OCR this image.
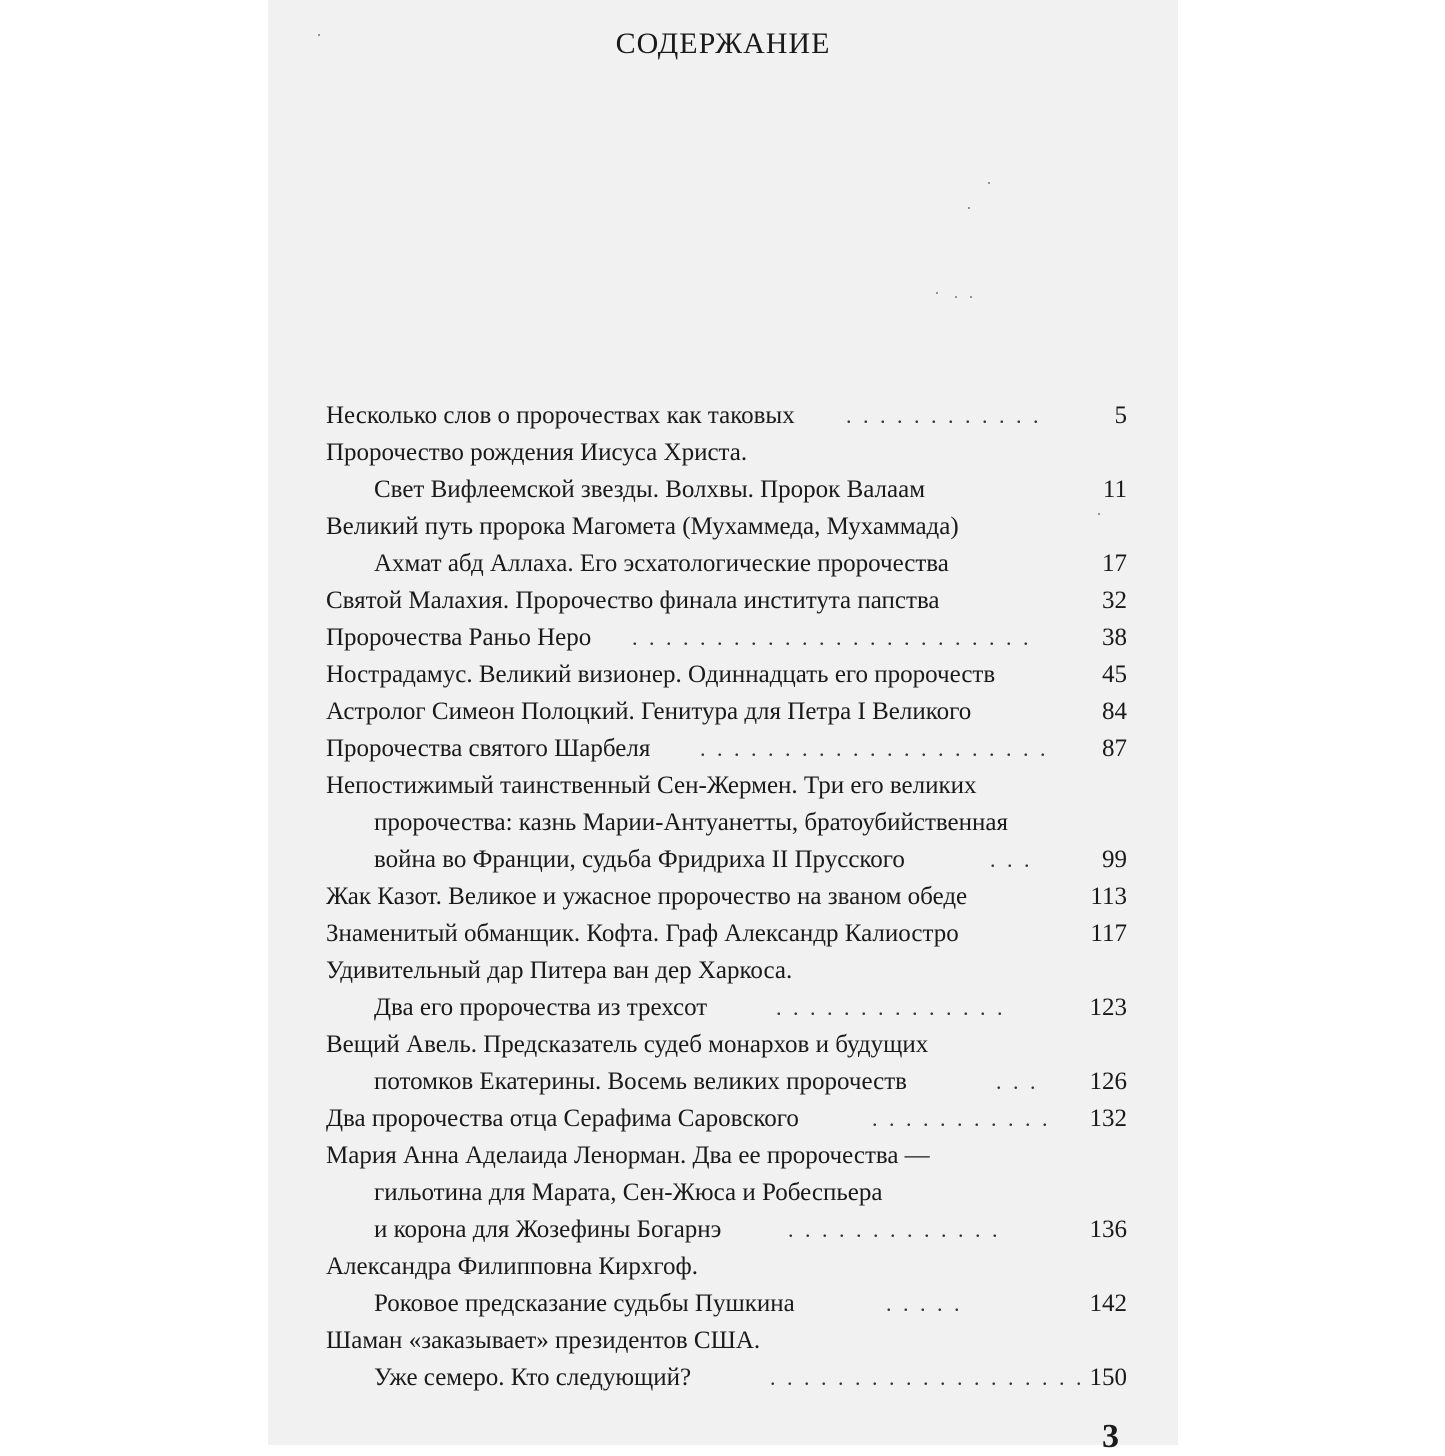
СОДЕРЖАНИЕ
Несколько слов о пророчествах как таковых . . . . . . . . . . . .	5
Пророчество рождения Иисуса Христа.
Свет Вифлеемской звезды. Волхвы. Пророк Валаам	11
Великий путь пророка Магомета (Мухаммеда, Мухаммада)
Ахмат абд Аллаха. Его эсхатологические пророчества	17
Святой Малахия. Пророчество финала института папства	32
Пророчества Раньо Неро . . . . . . . . . . . . . . . . . . . . . . . .	38
Нострадамус. Великий визионер. Одиннадцать его пророчеств	45
Астролог Симеон Полоцкий. Генитура для Петра I Великого	84
Пророчества святого Шарбеля . . . . . . . . . . . . . . . . . . . . . 87
Непостижимый таинственный Сен-Жермен. Три его великих
пророчества: казнь Марии-Антуанетты, братоубийственная
война во Франции, судьба Фридриха II Прусского	. . .	99
Жак Казот. Великое и ужасное пророчество на званом обеде	113
Знаменитый обманщик. Кофта. Граф Александр Калиостро	117
Удивительный дар Питера ван дер Харкоса.
Два его пророчества из трехсот	. . . . . . . . . . . . . .	123
Вещий Авель. Предсказатель судеб монархов и будущих
потомков Екатерины. Восемь великих пророчеств	. . . 126
Два пророчества отца Серафима Саровского	. . . . . . . . . . . 132
Мария Анна Аделаида Ленорман. Два ее пророчества —
гильотина для Марата, Сен-Жюса и Робеспьера
и корона для Жозефины Богарнэ	. . . . . . . . . . . . .	136
Александра Филипповна Кирхгоф.
Роковое предсказание судьбы Пушкина	. . . . .	142
Шаман «заказывает» президентов США.
Уже семеро. Кто следующий?	. . . . . . . . . . . . . . . . . . . 150
3
